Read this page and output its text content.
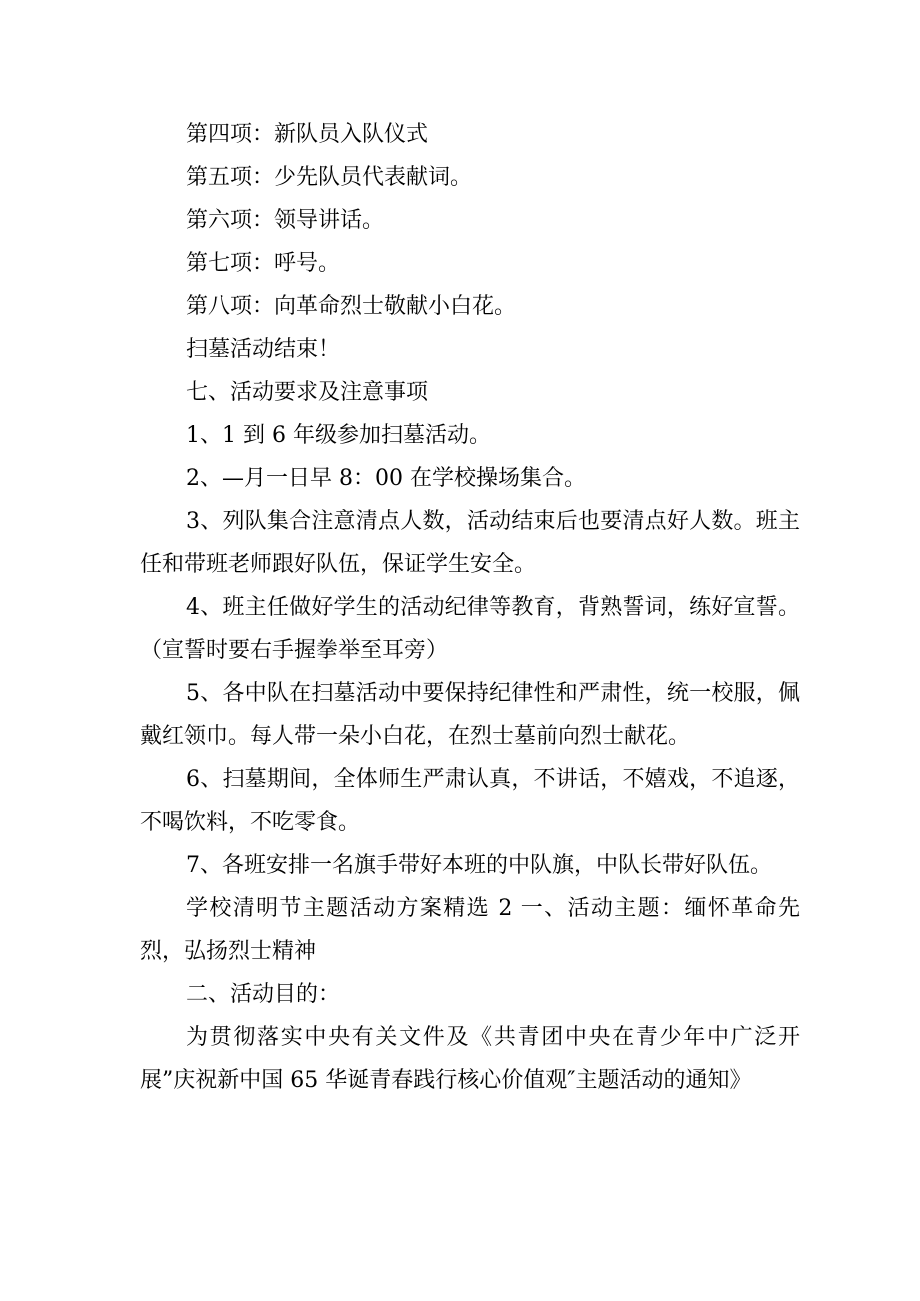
第四项：新队员入队仪式

第五项：少先队员代表献词。

第六项：领导讲话。

第七项：呼号。

第八项：向革命烈士敬献小白花。

扫墓活动结束！

七、活动要求及注意事项

1、1 到 6 年级参加扫墓活动。

2、—月一日早 8：00 在学校操场集合。

3、列队集合注意清点人数，活动结束后也要清点好人数。班主任和带班老师跟好队伍，保证学生安全。

4、班主任做好学生的活动纪律等教育，背熟誓词，练好宣誓。（宣誓时要右手握拳举至耳旁）

5、各中队在扫墓活动中要保持纪律性和严肃性，统一校服，佩戴红领巾。每人带一朵小白花，在烈士墓前向烈士献花。

6、扫墓期间，全体师生严肃认真，不讲话，不嬉戏，不追逐，不喝饮料，不吃零食。

7、各班安排一名旗手带好本班的中队旗，中队长带好队伍。

学校清明节主题活动方案精选 2 一、活动主题：缅怀革命先烈，弘扬烈士精神

二、活动目的：

为贯彻落实中央有关文件及《共青团中央在青少年中广泛开展”庆祝新中国 65 华诞青春践行核心价值观″主题活动的通知》
